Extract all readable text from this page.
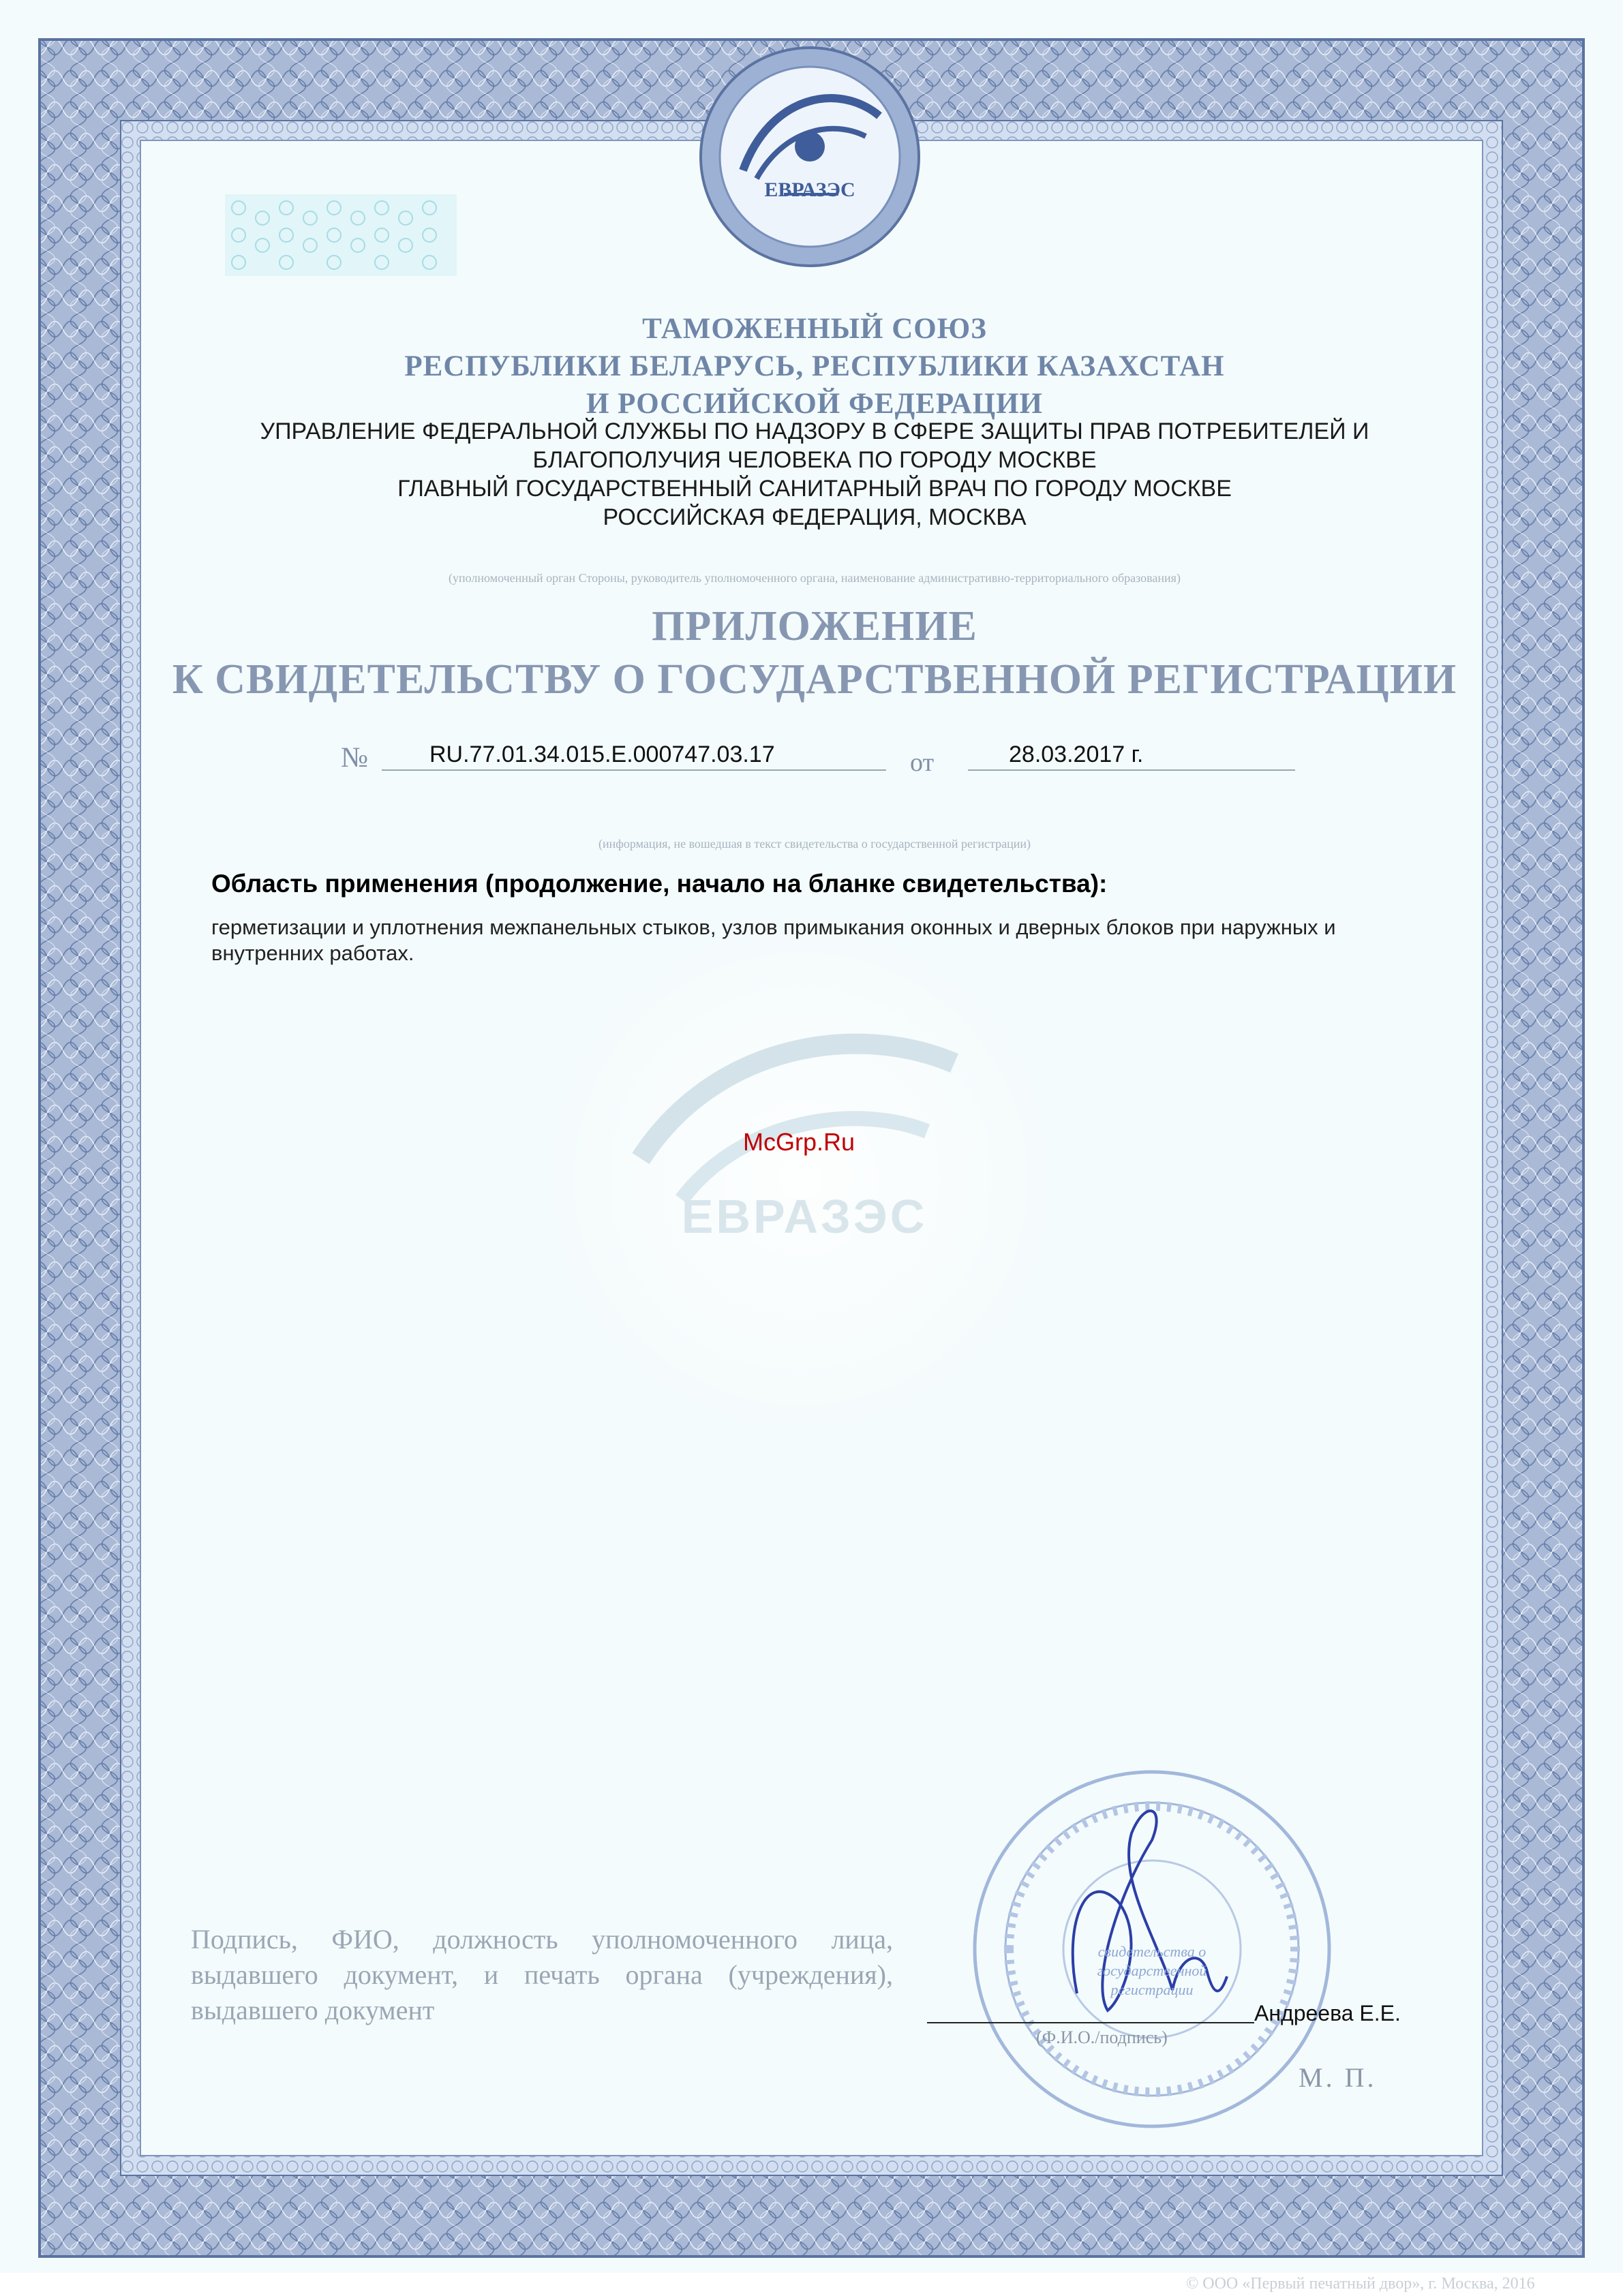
ЕВРАЗЭС
ЕВРАЗЭС
ТАМОЖЕННЫЙ СОЮЗ
РЕСПУБЛИКИ БЕЛАРУСЬ, РЕСПУБЛИКИ КАЗАХСТАН
И РОССИЙСКОЙ ФЕДЕРАЦИИ
УПРАВЛЕНИЕ ФЕДЕРАЛЬНОЙ СЛУЖБЫ ПО НАДЗОРУ В СФЕРЕ ЗАЩИТЫ ПРАВ ПОТРЕБИТЕЛЕЙ И
БЛАГОПОЛУЧИЯ ЧЕЛОВЕКА ПО ГОРОДУ МОСКВЕ
ГЛАВНЫЙ ГОСУДАРСТВЕННЫЙ САНИТАРНЫЙ ВРАЧ ПО ГОРОДУ МОСКВЕ
РОССИЙСКАЯ ФЕДЕРАЦИЯ, МОСКВА
(уполномоченный орган Стороны, руководитель уполномоченного органа, наименование административно-территориального образования)
ПРИЛОЖЕНИЕ
К СВИДЕТЕЛЬСТВУ О ГОСУДАРСТВЕННОЙ РЕГИСТРАЦИИ
№	RU.77.01.34.015.Е.000747.03.17	от	28.03.2017 г.
(информация, не вошедшая в текст свидетельства о государственной регистрации)
Область применения (продолжение, начало на бланке свидетельства):
герметизации и уплотнения межпанельных стыков, узлов примыкания оконных и дверных блоков при наружных и внутренних работах.
McGrp.Ru
свидетельства о государственной регистрации
Подпись, ФИО, должность уполномоченного лица, выдавшего документ, и печать органа (учреждения), выдавшего документ	Андреева Е.Е.
(Ф.И.О./подпись)
М. П.
© ООО «Первый печатный двор», г. Москва, 2016
